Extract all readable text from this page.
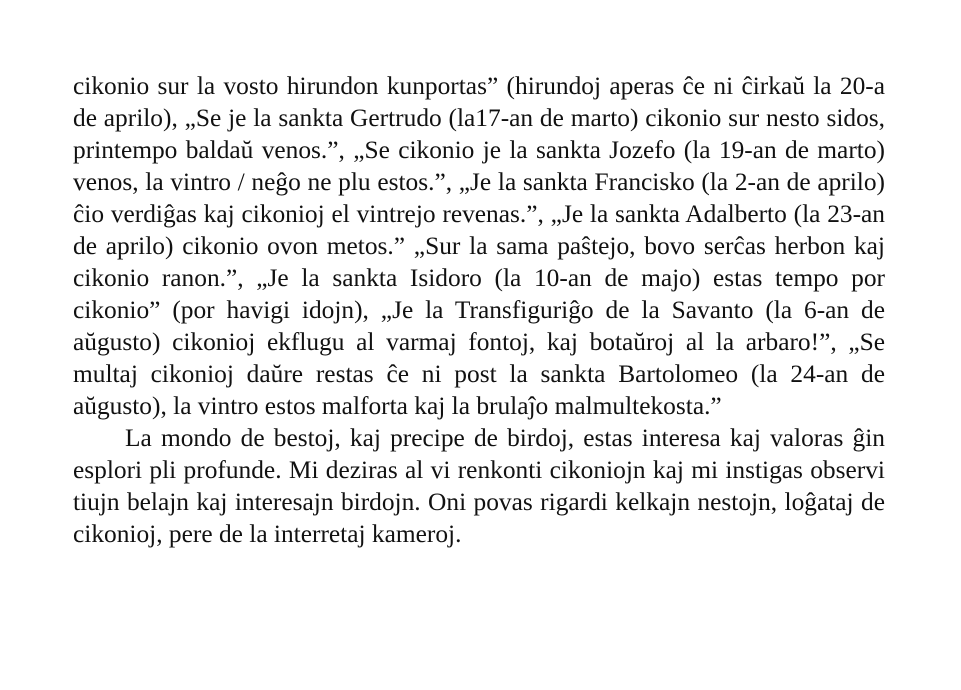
cikonio sur la vosto hirundon kunportas” (hirundoj aperas ĉe ni ĉirkaŭ la 20-a de aprilo), „Se je la sankta Gertrudo (la17-an de marto) cikonio sur nesto sidos, printempo baldaŭ venos.”, „Se cikonio je la sankta Jozefo (la 19-an de marto) venos, la vintro / neĝo ne plu estos.”, „Je la sankta Francisko (la 2-an de aprilo) ĉio verdiĝas kaj cikonioj el vintrejo revenas.”, „Je la sankta Adalberto (la 23-an de aprilo) cikonio ovon metos.” „Sur la sama paŝtejo, bovo serĉas herbon kaj cikonio ranon.”, „Je la sankta Isidoro (la 10-an de majo) estas tempo por cikonio” (por havigi idojn), „Je la Transfiguriĝo de la Savanto (la 6-an de aŭgusto) cikonioj ekflugu al varmaj fontoj, kaj botaŭroj al la arbaro!”, „Se multaj cikonioj daŭre restas ĉe ni post la sankta Bartolomeo (la 24-an de aŭgusto), la vintro estos malforta kaj la brulaĵo malmultekosta.”

La mondo de bestoj, kaj precipe de birdoj, estas interesa kaj valoras ĝin esplori pli profunde. Mi deziras al vi renkonti cikoniojn kaj mi instigas observi tiujn belajn kaj interesajn birdojn. Oni povas rigardi kelkajn nestojn, loĝataj de cikonioj, pere de la interretaj kameroj.
